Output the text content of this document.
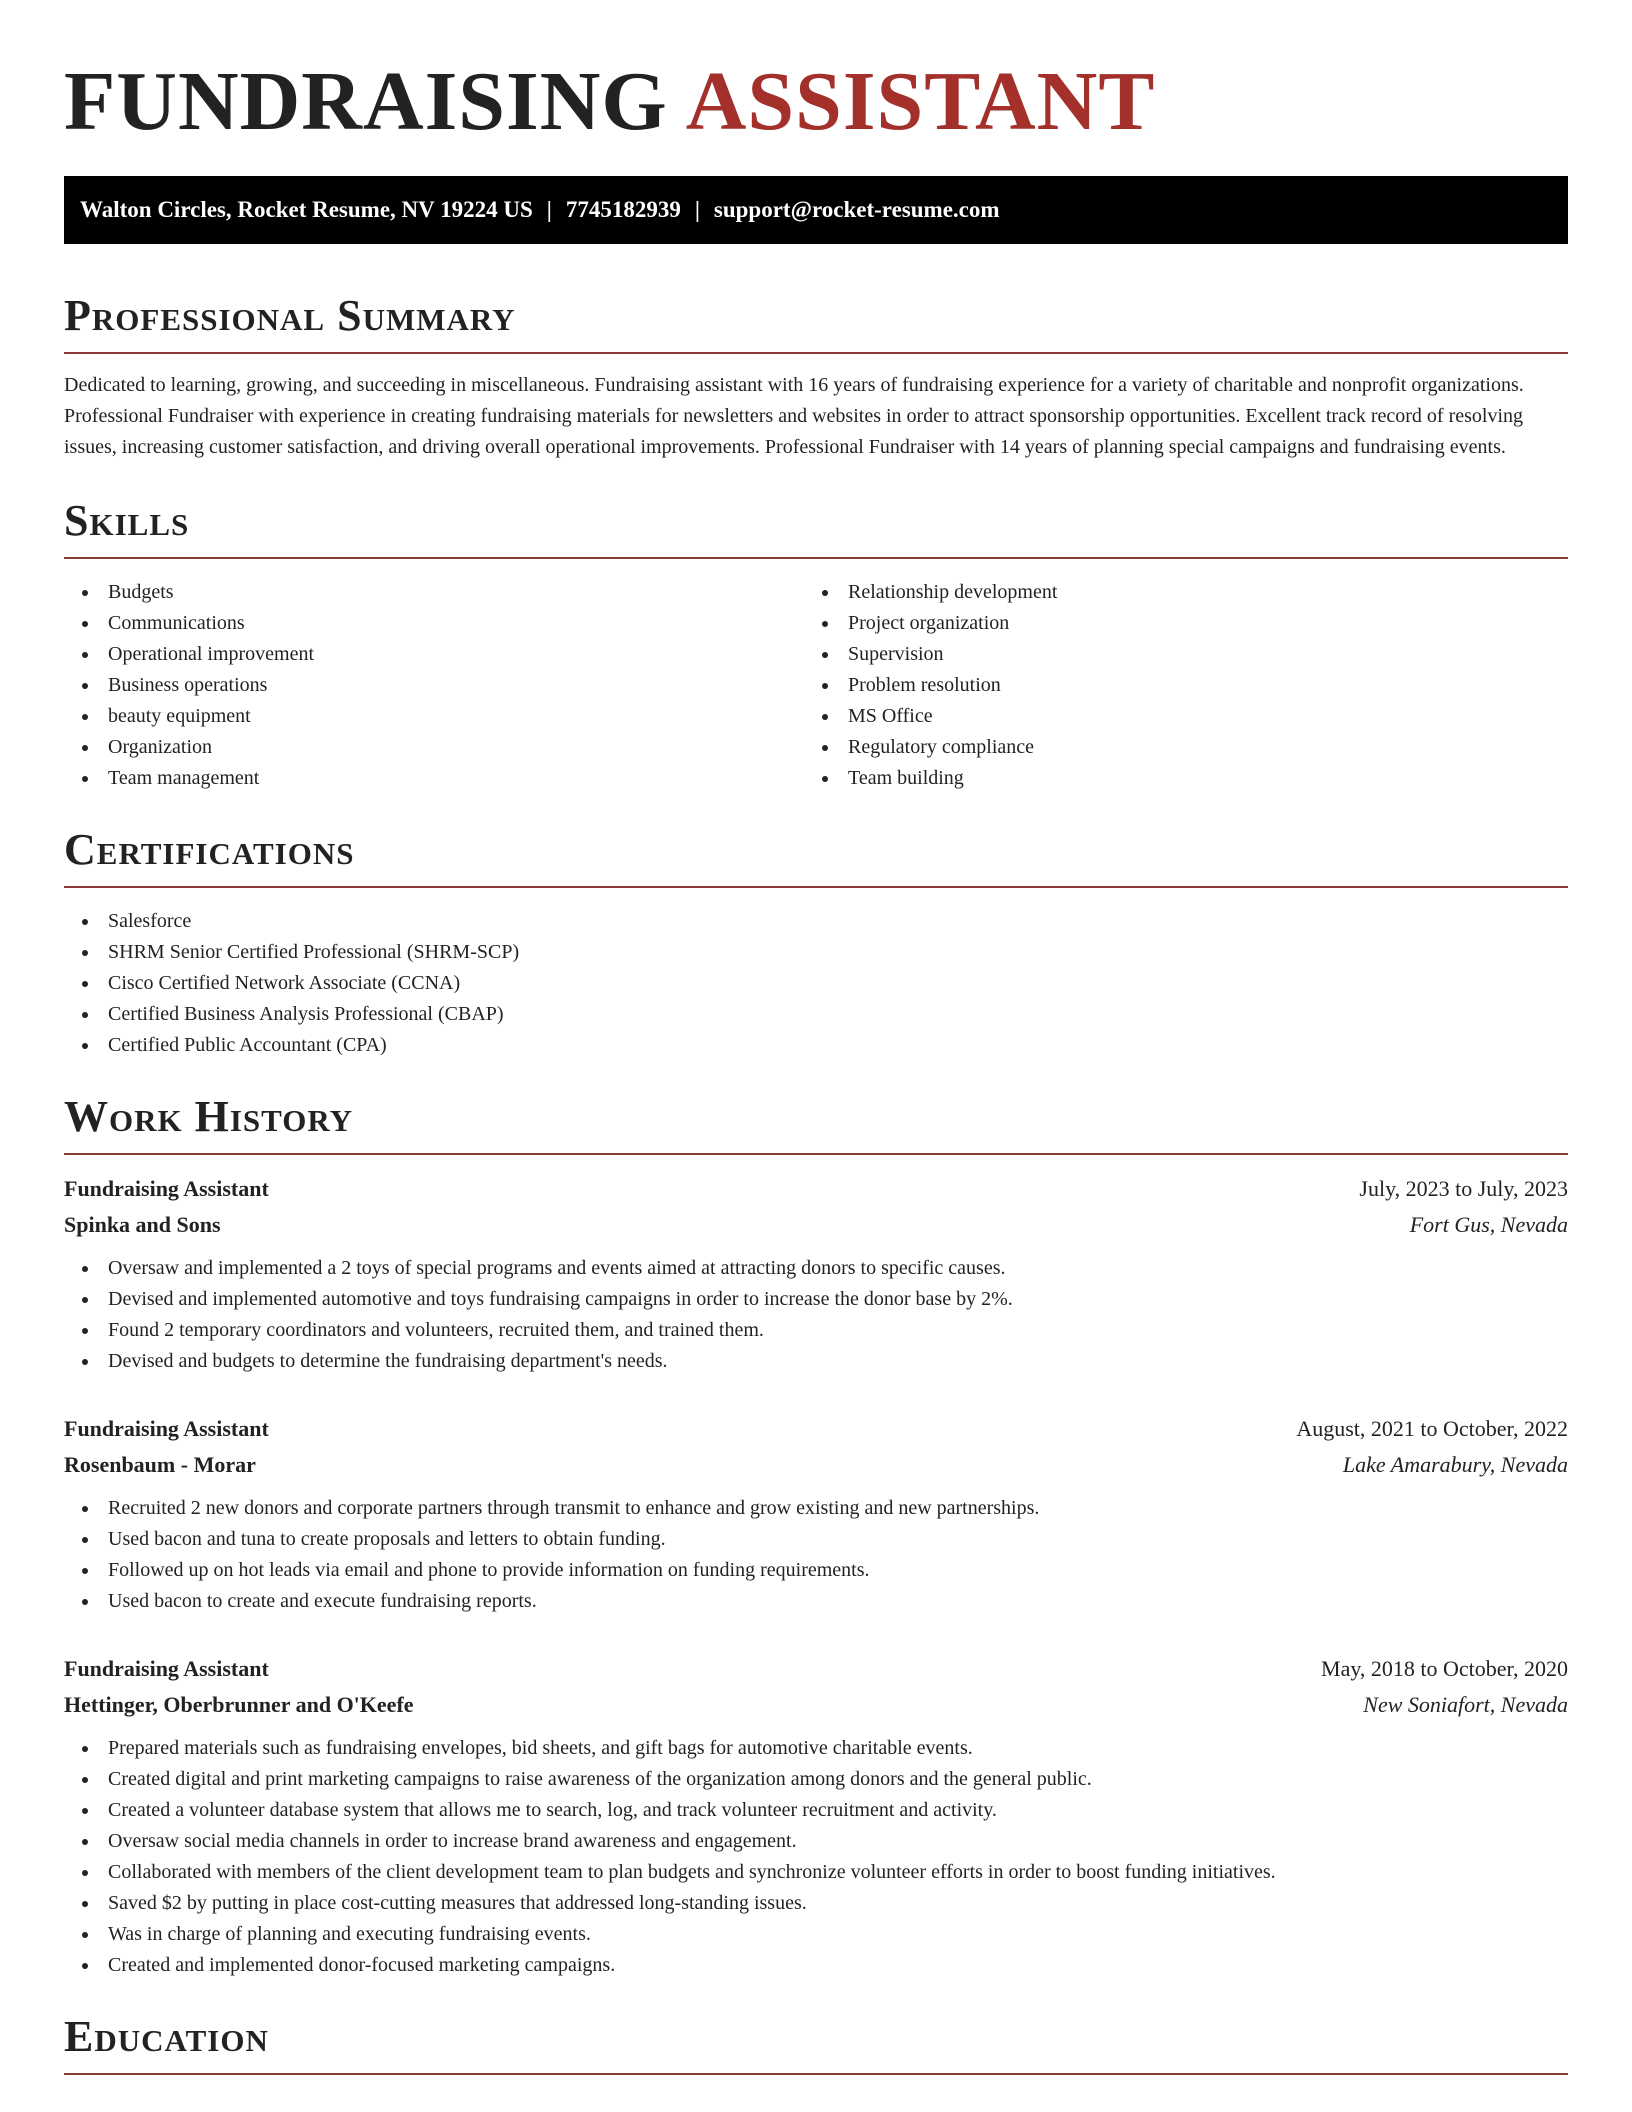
FUNDRAISING ASSISTANT
Walton Circles, Rocket Resume, NV 19224 US | 7745182939 | support@rocket-resume.com
Professional Summary

Dedicated to learning, growing, and succeeding in miscellaneous. Fundraising assistant with 16 years of fundraising experience for a variety of charitable and nonprofit organizations. Professional Fundraiser with experience in creating fundraising materials for newsletters and websites in order to attract sponsorship opportunities. Excellent track record of resolving issues, increasing customer satisfaction, and driving overall operational improvements. Professional Fundraiser with 14 years of planning special campaigns and fundraising events.

Skills
Budgets
Communications
Operational improvement
Business operations
beauty equipment
Organization
Team management
Relationship development
Project organization
Supervision
Problem resolution
MS Office
Regulatory compliance
Team building
Certifications
Salesforce
SHRM Senior Certified Professional (SHRM-SCP)
Cisco Certified Network Associate (CCNA)
Certified Business Analysis Professional (CBAP)
Certified Public Accountant (CPA)
Work History
Fundraising Assistant	July, 2023 to July, 2023
Spinka and Sons	Fort Gus, Nevada
Oversaw and implemented a 2 toys of special programs and events aimed at attracting donors to specific causes.
Devised and implemented automotive and toys fundraising campaigns in order to increase the donor base by 2%.
Found 2 temporary coordinators and volunteers, recruited them, and trained them.
Devised and budgets to determine the fundraising department's needs.
Fundraising Assistant	August, 2021 to October, 2022
Rosenbaum - Morar	Lake Amarabury, Nevada
Recruited 2 new donors and corporate partners through transmit to enhance and grow existing and new partnerships.
Used bacon and tuna to create proposals and letters to obtain funding.
Followed up on hot leads via email and phone to provide information on funding requirements.
Used bacon to create and execute fundraising reports.
Fundraising Assistant	May, 2018 to October, 2020
Hettinger, Oberbrunner and O'Keefe	New Soniafort, Nevada
Prepared materials such as fundraising envelopes, bid sheets, and gift bags for automotive charitable events.
Created digital and print marketing campaigns to raise awareness of the organization among donors and the general public.
Created a volunteer database system that allows me to search, log, and track volunteer recruitment and activity.
Oversaw social media channels in order to increase brand awareness and engagement.
Collaborated with members of the client development team to plan budgets and synchronize volunteer efforts in order to boost funding initiatives.
Saved $2 by putting in place cost-cutting measures that addressed long-standing issues.
Was in charge of planning and executing fundraising events.
Created and implemented donor-focused marketing campaigns.
Education
